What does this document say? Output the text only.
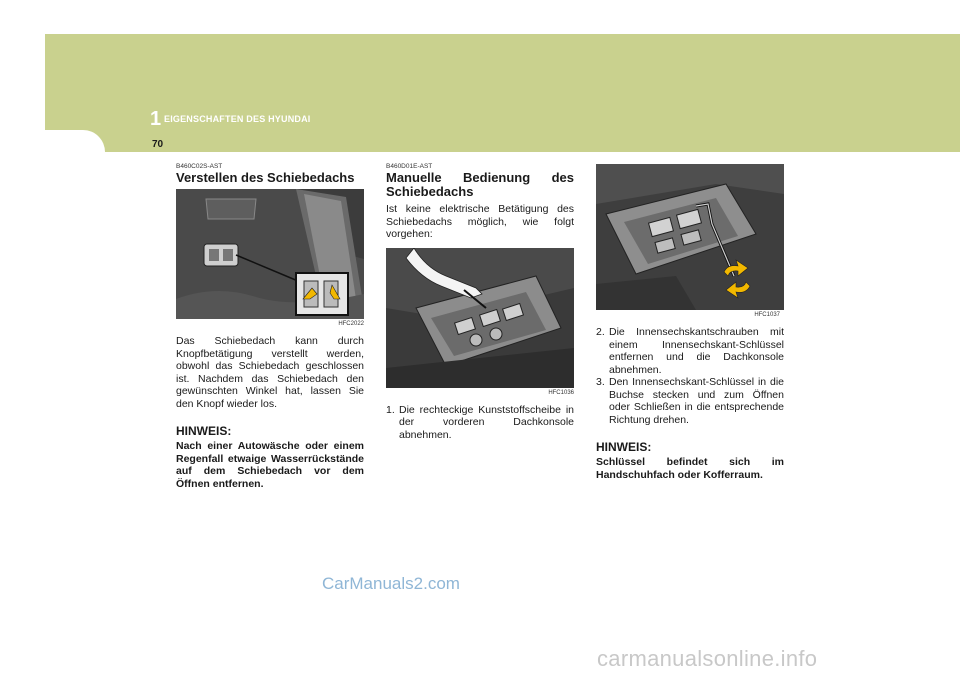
1 EIGENSCHAFTEN DES HYUNDAI
70
B460C02S-AST
Verstellen des Schiebedachs
HFC2022

Das Schiebedach kann durch Knopfbetätigung verstellt werden, obwohl das Schiebedach geschlossen ist. Nachdem das Schiebedach den gewünschten Winkel hat, lassen Sie den Knopf wieder los.

HINWEIS:

Nach einer Autowäsche oder einem Regenfall etwaige Wasserrückstände auf dem Schiebedach vor dem Öffnen entfernen.

B460D01E-AST
Manuelle Bedienung des Schiebedachs

Ist keine elektrische Betätigung des Schiebedachs möglich, wie folgt vorgehen:

HFC1036
1. Die rechteckige Kunststoffscheibe in der vorderen Dachkonsole abnehmen.
HFC1037
2. Die Innensechskantschrauben mit einem Innensechskant-Schlüssel entfernen und die Dachkonsole abnehmen.
3. Den Innensechskant-Schlüssel in die Buchse stecken und zum Öffnen oder Schließen in die entsprechende Richtung drehen.
HINWEIS:

Schlüssel befindet sich im Handschuhfach oder Kofferraum.

CarManuals2.com
carmanualsonline.info
